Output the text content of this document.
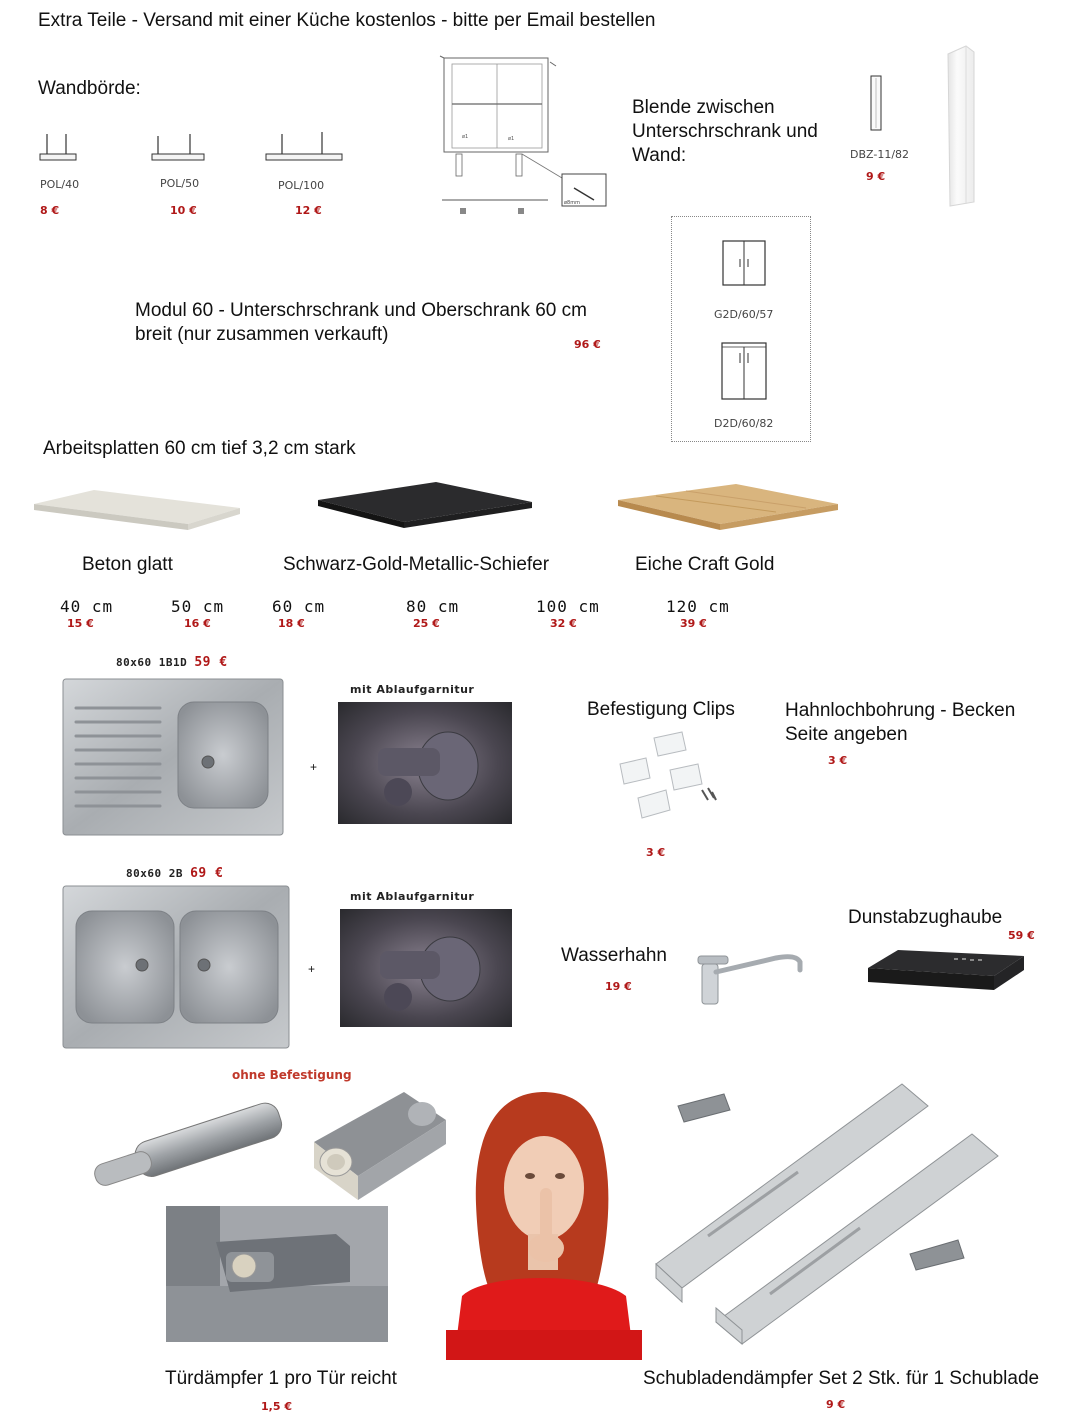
Extra Teile - Versand mit einer Küche kostenlos - bitte per Email bestellen
Wandbörde:
POL/40
8 €
POL/50
10 €
POL/100
12 €
ø1	ø1
ø8mm
Blende zwischen
Unterschrschrank und
Wand:	DBZ-11/82
9 €
Modul 60 - Unterschrschrank und Oberschrank 60 cm
breit (nur zusammen verkauft)	96 €
G2D/60/57
D2D/60/82
Arbeitsplatten 60 cm tief 3,2 cm stark
Beton glatt	Schwarz-Gold-Metallic-Schiefer	Eiche Craft Gold
40 cm
15 €
50 cm
16 €
60 cm
18 €
80 cm
25 €
100 cm
32 €
120 cm
39 €
80x60 1B1D 59 €
+
mit Ablaufgarnitur
Befestigung Clips
3 €
Hahnlochbohrung - Becken
Seite angeben
3 €
80x60 2B 69 €
+
mit Ablaufgarnitur
Wasserhahn
19 €
Dunstabzughaube
59 €
ohne Befestigung
Türdämpfer 1 pro Tür reicht
1,5 €
Schubladendämpfer Set 2 Stk. für 1 Schublade
9 €
